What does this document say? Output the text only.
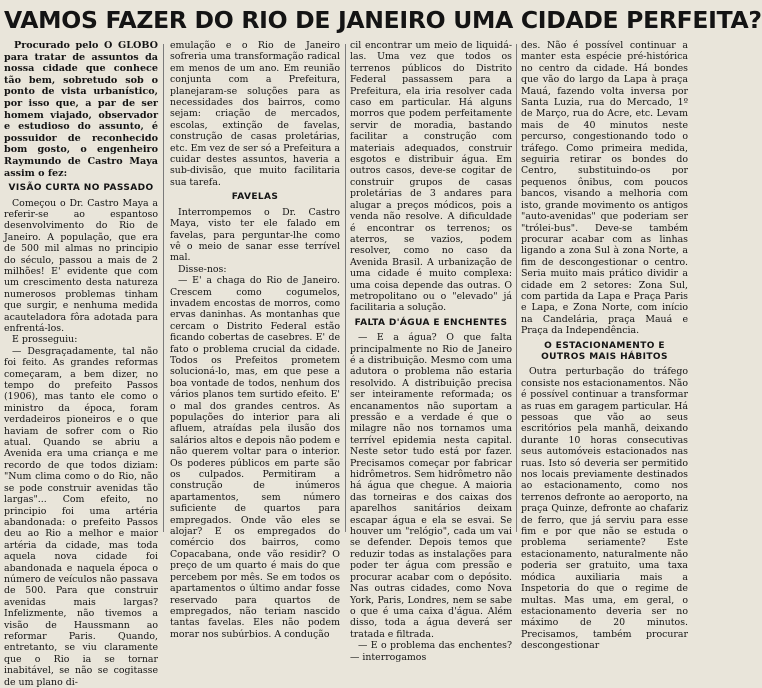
VAMOS FAZER DO RIO DE JANEIRO UMA CIDADE PERFEITA?

Procurado pelo O GLOBO para tratar de assuntos da nossa cidade que conhece tão bem, sobretudo sob o ponto de vista urbanístico, por isso que, a par de ser homem viajado, observador e estudioso do assunto, é possuidor de reconhecido bom gosto, o engenheiro Raymundo de Castro Maya assim o fez:

VISÃO CURTA NO PASSADO

Começou o Dr. Castro Maya a referir-se ao espantoso desenvolvimento do Rio de Janeiro. A população, que era de 500 mil almas no principio do século, passou a mais de 2 milhões! E' evidente que com um crescimento desta natureza numerosos problemas tinham que surgir, e nenhuma medida acauteladora fôra adotada para enfrentá-los.

E prosseguiu:

— Desgraçadamente, tal não foi feito. As grandes reformas começaram, a bem dizer, no tempo do prefeito Passos (1906), mas tanto ele como o ministro da época, foram verdadeiros pioneiros e o que haviam de sofrer com o Rio atual. Quando se abriu a Avenida era uma criança e me recordo de que todos diziam: "Num clima como o do Rio, não se pode construir avenidas tão largas"... Com efeito, no principio foi uma artéria abandonada: o prefeito Passos deu ao Rio a melhor e maior artéria da cidade, mas toda aquela nova cidade foi abandonada e naquela época o número de veículos não passava de 500. Para que construir avenidas mais largas? Infelizmente, não tivemos a visão de Haussmann ao reformar Paris. Quando, entretanto, se viu claramente que o Rio ia se tornar inabitável, se não se cogitasse de um plano di-

emulação e o Rio de Janeiro sofreria uma transformação radical em menos de um ano. Em reunião conjunta com a Prefeitura, planejaram-se soluções para as necessidades dos bairros, como sejam: criação de mercados, escolas, extinção de favelas, construção de casas proletárias, etc. Em vez de ser só a Prefeitura a cuidar destes assuntos, haveria a sub-divisão, que muito facilitaria sua tarefa.

FAVELAS

Interrompemos o Dr. Castro Maya, visto ter ele falado em favelas, para perguntar-lhe como vê o meio de sanar esse terrível mal.

Disse-nos:

— E' a chaga do Rio de Janeiro. Crescem como cogumelos, invadem encostas de morros, como ervas daninhas. As montanhas que cercam o Distrito Federal estão ficando cobertas de casebres. E' de fato o problema crucial da cidade. Todos os Prefeitos prometem solucioná-lo, mas, em que pese a boa vontade de todos, nenhum dos vários planos tem surtido efeito. E' o mal dos grandes centros. As populações do interior para ali afluem, atraídas pela ilusão dos salários altos e depois não podem e não querem voltar para o interior. Os poderes públicos em parte são os culpados. Permitiram a construção de inúmeros apartamentos, sem número suficiente de quartos para empregados. Onde vão eles se alojar? E os empregados do comércio dos bairros, como Copacabana, onde vão residir? O preço de um quarto é mais do que percebem por mês. Se em todos os apartamentos o último andar fosse reservado para quartos de empregados, não teriam nascido tantas favelas. Eles não podem morar nos subúrbios. A condução

cil encontrar um meio de liquidá-las. Uma vez que todos os terrenos públicos do Distrito Federal passassem para a Prefeitura, ela iria resolver cada caso em particular. Há alguns morros que podem perfeitamente servir de moradia, bastando facilitar a construção com materiais adequados, construir esgotos e distribuir água. Em outros casos, deve-se cogitar de construir grupos de casas proletárias de 3 andares para alugar a preços módicos, pois a venda não resolve. A dificuldade é encontrar os terrenos; os aterros, se vazios, podem resolver, como no caso da Avenida Brasil. A urbanização de uma cidade é muito complexa: uma coisa depende das outras. O metropolitano ou o "elevado" já facilitaria a solução.

FALTA D'ÁGUA E ENCHENTES

— E a água? O que falta principalmente no Rio de Janeiro é a distribuição. Mesmo com uma adutora o problema não estaria resolvido. A distribuição precisa ser inteiramente reformada; os encanamentos não suportam a pressão e a verdade é que o milagre não nos tornamos uma terrível epidemia nesta capital. Neste setor tudo está por fazer. Precisamos começar por fabricar hidrômetros. Sem hidrômetro não há água que chegue. A maioria das torneiras e dos caixas dos aparelhos sanitários deixam escapar água e ela se esvai. Se houver um "relógio", cada um vai se defender. Depois temos que reduzir todas as instalações para poder ter água com pressão e procurar acabar com o depósito. Nas outras cidades, como Nova York, Paris, Londres, nem se sabe o que é uma caixa d'água. Além disso, toda a água deverá ser tratada e filtrada.

— E o problema das enchentes? — interrogamos

des. Não é possível continuar a manter esta espécie pré-histórica no centro da cidade. Há bondes que vão do largo da Lapa à praça Mauá, fazendo volta inversa por Santa Luzia, rua do Mercado, 1º de Março, rua do Acre, etc. Levam mais de 40 minutos neste percurso, congestionando todo o tráfego. Como primeira medida, seguiria retirar os bondes do Centro, substituindo-os por pequenos ônibus, com poucos bancos, visando a melhoria com isto, grande movimento os antigos "auto-avenidas" que poderiam ser "trólei-bus". Deve-se também procurar acabar com as linhas ligando a zona Sul à zona Norte, a fim de descongestionar o centro. Seria muito mais prático dividir a cidade em 2 setores: Zona Sul, com partida da Lapa e Praça Paris e Lapa, e Zona Norte, com início na Candelária, praça Mauá e Praça da Independência.

O ESTACIONAMENTO E OUTROS MAIS HÁBITOS

Outra perturbação do tráfego consiste nos estacionamentos. Não é possível continuar a transformar as ruas em garagem particular. Há pessoas que vão ao seus escritórios pela manhã, deixando durante 10 horas consecutivas seus automóveis estacionados nas ruas. Isto só deveria ser permitido nos locais previamente destinados ao estacionamento, como nos terrenos defronte ao aeroporto, na praça Quinze, defronte ao chafariz de ferro, que já serviu para esse fim e por que não se estuda o problema seriamente? Este estacionamento, naturalmente não poderia ser gratuito, uma taxa módica auxiliaria mais a Inspetoria do que o regime de multas. Mas uma, em geral, o estacionamento deveria ser no máximo de 20 minutos. Precisamos, também procurar descongestionar
